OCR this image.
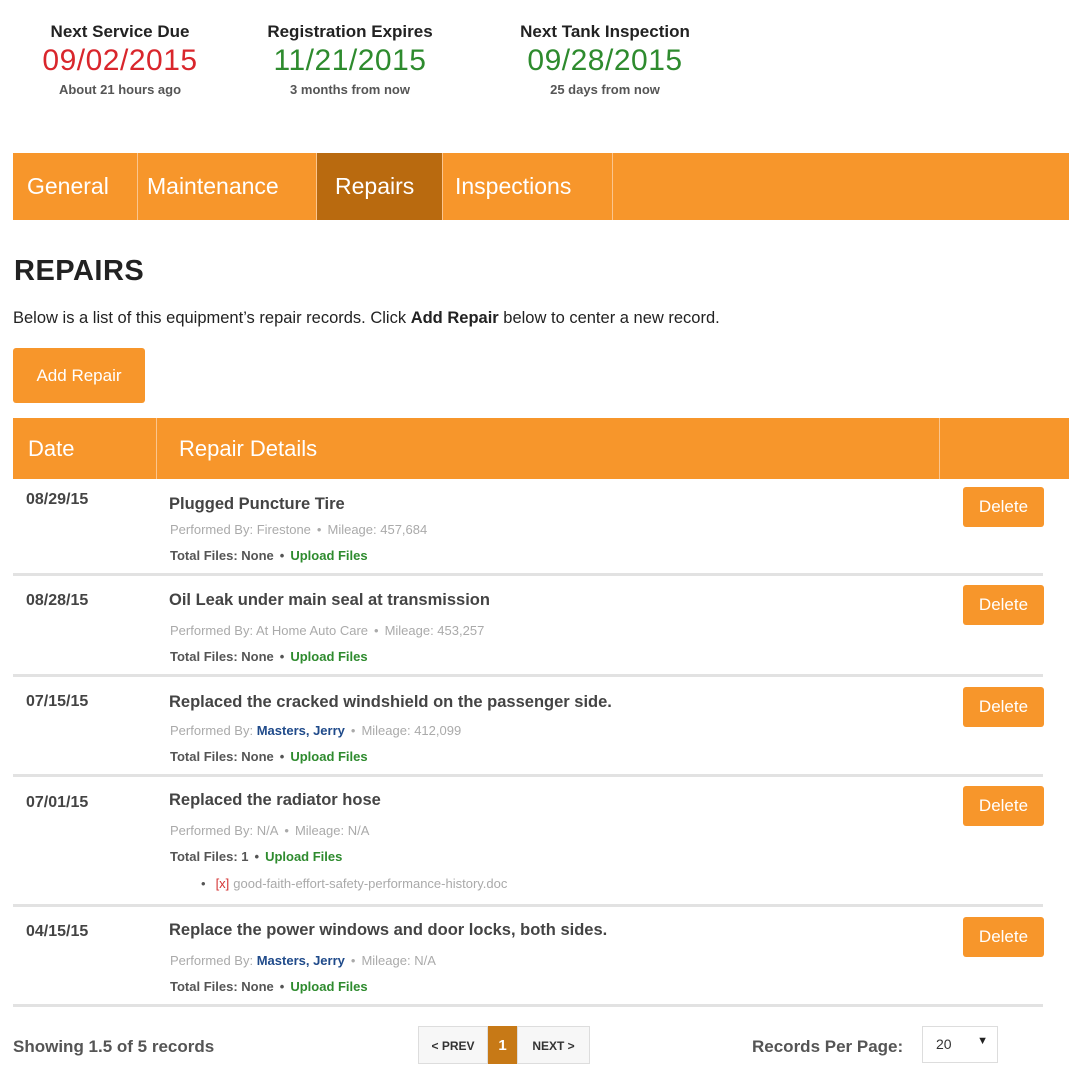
Next Service Due
09/02/2015
About 21 hours ago
Registration Expires
11/21/2015
3 months from now
Next Tank Inspection
09/28/2015
25 days from now
General	Maintenance	Repairs	Inspections
REPAIRS

Below is a list of this equipment’s repair records. Click Add Repair below to center a new record.

Add Repair
Date	Repair Details
08/29/15	Plugged Puncture Tire
Performed By: Firestone • Mileage: 457,684
Total Files: None • Upload Files
Delete
08/28/15	Oil Leak under main seal at transmission
Performed By: At Home Auto Care • Mileage: 453,257
Total Files: None • Upload Files
Delete
07/15/15	Replaced the cracked windshield on the passenger side.
Performed By: Masters, Jerry • Mileage: 412,099
Total Files: None • Upload Files
Delete
07/01/15	Replaced the radiator hose
Performed By: N/A • Mileage: N/A
Total Files: 1 • Upload Files
• [x] good-faith-effort-safety-performance-history.doc
Delete
04/15/15	Replace the power windows and door locks, both sides.
Performed By: Masters, Jerry • Mileage: N/A
Total Files: None • Upload Files
Delete
Showing 1.5 of 5 records	< PREV	1	NEXT >	Records Per Page: 20 ▼
